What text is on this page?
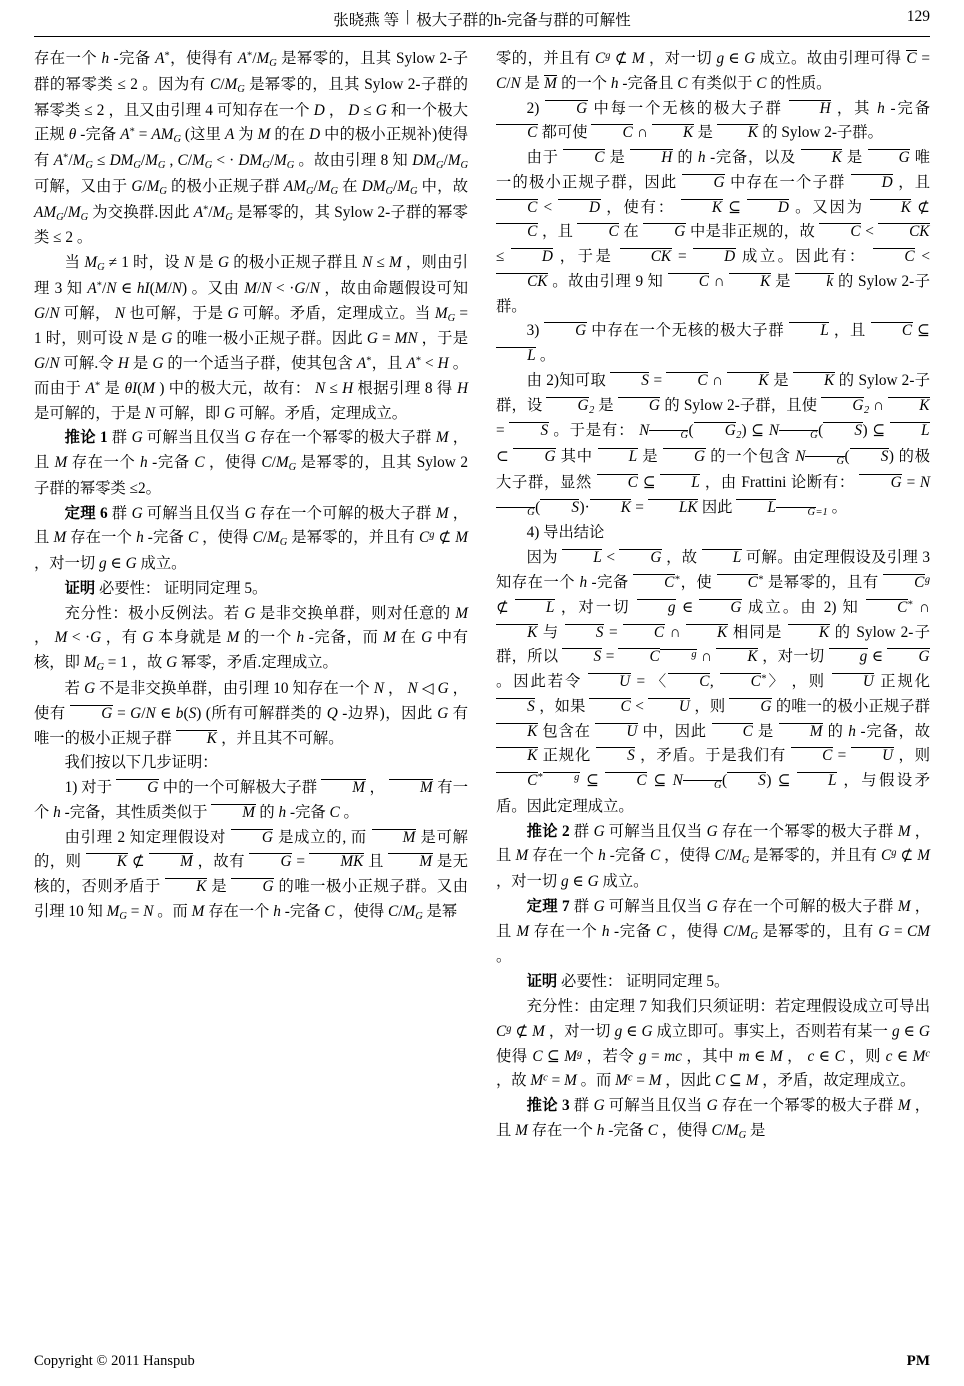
张晓燕 等 | 极大子群的h-完备与群的可解性	129

存在一个 h -完备 A*，使得有 $A^*/M_G$ 是幂零的，且其 Sylow 2-子群的幂零类 ≤ 2 。因为有 $C/M_G$ 是幂零的，且其 Sylow 2-子群的幂零类 ≤ 2 ，且又由引理 4 可知存在一个 D ， D ≤ G 和一个极大正规 θ -完备 $A^* = AM_G$ (这里 A 为 M 的在 D 中的极小正规补)使得有 $A^*/M_G \le DM_G/M_G$ , $C/M_G$ < · $DM_G/M_G$ 。故由引理 8 知 $DM_G/M_G$ 可解，又由于 $G/M_G$ 的极小正规子群 $AM_G/M_G$ 在 $DM_G/M_G$ 中，故 $AM_G/M_G$ 为交换群.因此 $A^*/M_G$ 是幂零的，其 Sylow 2-子群的幂零类 ≤ 2 。

当 $M_G \ne 1$ 时，设 N 是 G 的极小正规子群且 N ≤ M ，则由引理 3 知 A*/N ∈ hI(M/N) 。又由 M/N < ·G/N ，故由命题假设可知 G/N 可解， N 也可解，于是 G 可解。矛盾，定理成立。当 $M_G = 1$ 时，则可设 N 是 G 的唯一极小正规子群。因此 G = MN ，于是 G/N 可解.令 H 是 G 的一个适当子群，使其包含 A*，且 A* < H 。而由于 A* 是 θI(M ) 中的极大元，故有： N ≤ H 根据引理 8 得 H 是可解的，于是 N 可解，即 G 可解。矛盾，定理成立。

推论 1 群 G 可解当且仅当 G 存在一个幂零的极大子群 M ，且 M 存在一个 h -完备 C ，使得 $C/M_G$ 是幂零的，且其 Sylow 2 子群的幂零类 ≤2。

定理 6 群 G 可解当且仅当 G 存在一个可解的极大子群 M ，且 M 存在一个 h -完备 C ，使得 $C/M_G$ 是幂零的，并且有 $C^g$ ⊄ M ，对一切 g ∈ G 成立。

证明 必要性： 证明同定理 5。

充分性：极小反例法。若 G 是非交换单群，则对任意的 M ， M < ·G ，有 G 本身就是 M 的一个 h -完备，而 M 在 G 中有核，即 $M_G = 1$ ，故 G 幂零，矛盾.定理成立。

若 G 不是非交换单群，由引理 10 知存在一个 N ， N ◁ G ，使有 G = G/N ∈ b(S) (所有可解群类的 Q -边界)，因此 G 有唯一的极小正规子群 K ，并且其不可解。

我们按以下几步证明：

1) 对于 G 中的一个可解极大子群 M ， M 有一个 h -完备，其性质类似于 M 的 h -完备 C 。

由引理 2 知定理假设对 G 是成立的, 而 M 是可解的，则 K ⊄ M ，故有 G = MK 且 M 是无核的，否则矛盾于 K 是 G 的唯一极小正规子群。又由引理 10 知 $M_G = N$ 。而 M 存在一个 h -完备 C ，使得 $C/M_G$ 是幂

零的，并且有 $C^g$ ⊄ M ，对一切 g ∈ G 成立。故由引理可得 C = C/N 是 M 的一个 h -完备且 C 有类似于 C 的性质。

2) G 中每一个无核的极大子群 H ，其 h -完备 C 都可使 C ∩ K 是 K 的 Sylow 2-子群。

由于 C 是 H 的 h -完备，以及 K 是 G 唯一的极小正规子群，因此 G 中存在一个子群 D ，且 C < D ，使有： K ⊆ D 。又因为 K ⊄ C ，且 C 在 G 中是非正规的，故 C < CK ≤ D ，于是 CK = D 成立。因此有： C < CK 。故由引理 9 知 C ∩ K 是 k 的 Sylow 2-子群。

3) G 中存在一个无核的极大子群 L ，且 C ⊆ L 。

由 2)知可取 S = C ∩ K 是 K 的 Sylow 2-子群，设 $G_2$ 是 G 的 Sylow 2-子群，且使 $G_2$ ∩ K = S 。于是有： N	$_G$( $G_2$) ⊆ N	$_G$( S) ⊆ L ⊂ G 其中 L 是 G 的一个包含 N	$_G$( S) 的极大子群，显然 C ⊆ L ，由 Frattini 论断有： $G = N_G$( S)· K = LK 因此 L	$_{G=1}$ 。

4) 导出结论

因为 L < G ，故 L 可解。由定理假设及引理 3 知存在一个 h -完备 C*，使 C* 是幂零的，且有 $C^g$ ⊄ L ，对一切 g ∈ G 成立。由 2) 知 C* ∩ K 与 S = C ∩ K 相同是 K 的 Sylow 2-子群，所以 S = C	$^g$ ∩ K ，对一切 g ∈ G 。因此若令 U = 〈 C, C*〉 ，则 U 正规化 S ，如果 C < U ，则 G 的唯一的极小正规子群 K 包含在 U 中，因此 C 是 M 的 h -完备，故 K 正规化 S ，矛盾。于是我们有 C = U ，则 $C^{* g}$ ⊆ C ⊆ N	$_G$( S) ⊆ L ，与假设矛盾。因此定理成立。

推论 2 群 G 可解当且仅当 G 存在一个幂零的极大子群 M ，且 M 存在一个 h -完备 C ，使得 $C/M_G$ 是幂零的，并且有 $C^g$ ⊄ M ，对一切 g ∈ G 成立。

定理 7 群 G 可解当且仅当 G 存在一个可解的极大子群 M ，且 M 存在一个 h -完备 C ，使得 $C/M_G$ 是幂零的，且有 G = CM 。

证明 必要性： 证明同定理 5。

充分性：由定理 7 知我们只须证明：若定理假设成立可导出 $C^g$ ⊄ M ，对一切 g ∈ G 成立即可。事实上，否则若有某一 g ∈ G 使得 C ⊆ $M^g$ ，若令 g = mc ，其中 m ∈ M ， c ∈ C ，则 c ∈ $M^c$ ，故 $M^c = M$ 。而 $M^c = M$ ，因此 C ⊆ M ，矛盾，故定理成立。

推论 3 群 G 可解当且仅当 G 存在一个幂零的极大子群 M ，且 M 存在一个 h -完备 C ，使得 $C/M_G$ 是

Copyright © 2011 Hanspub	PM
